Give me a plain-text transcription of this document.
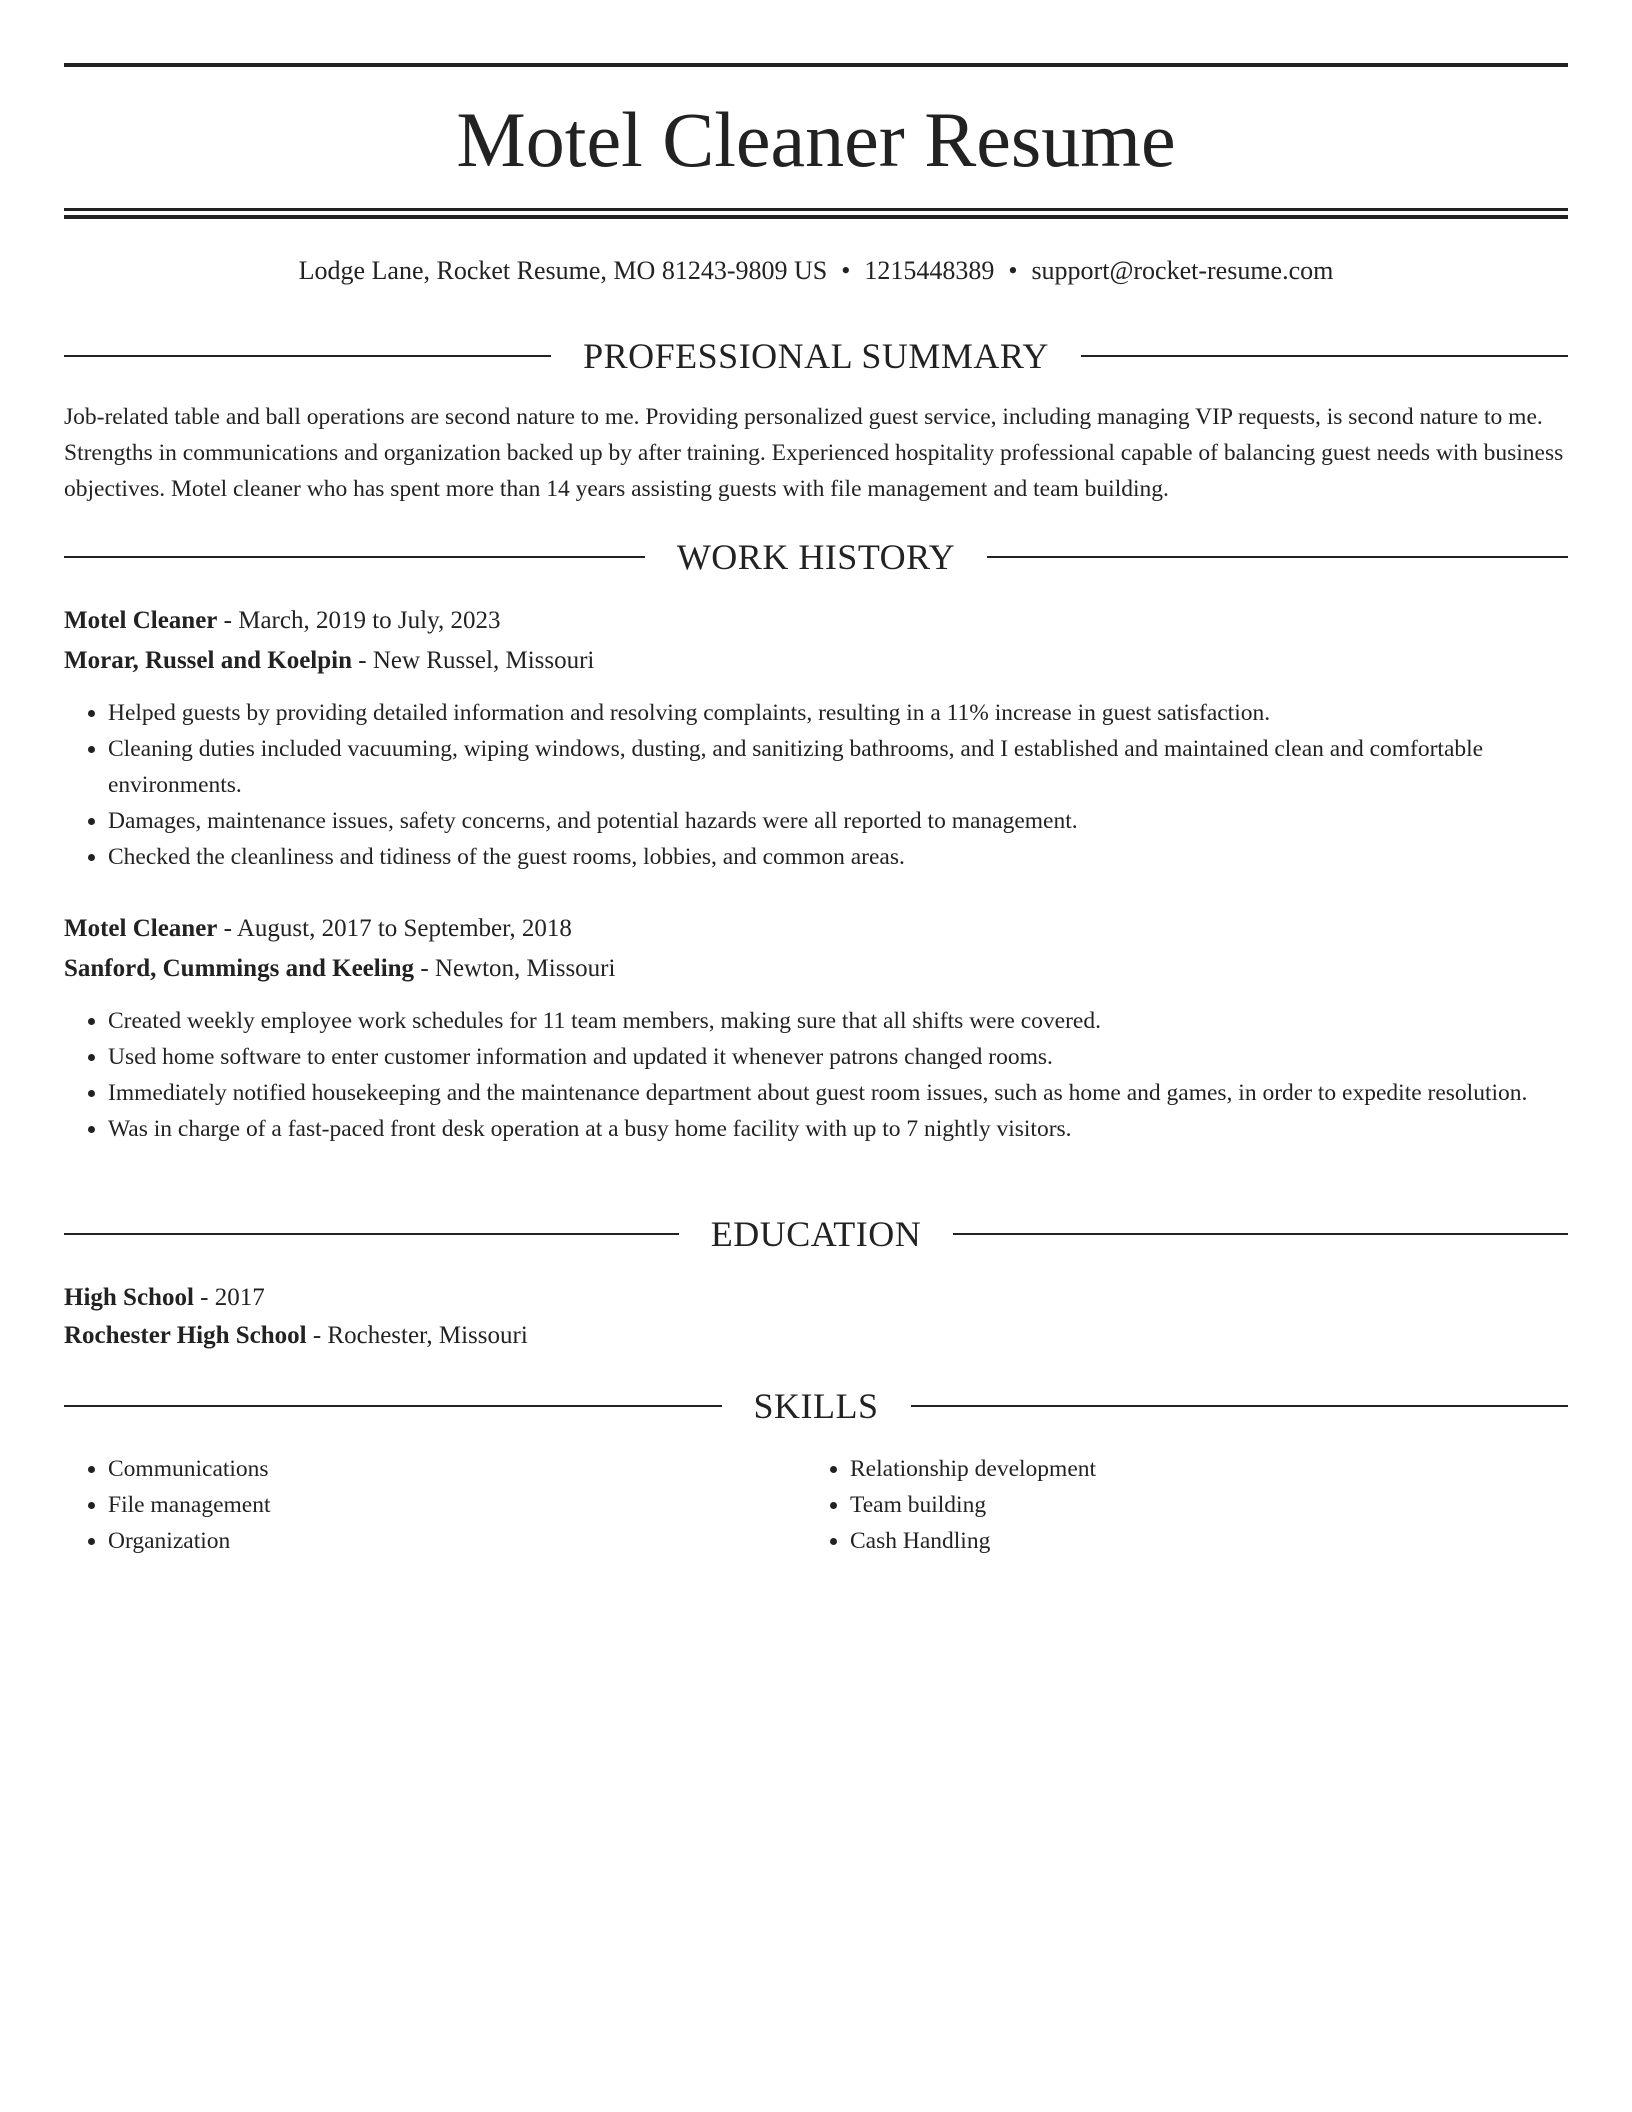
Motel Cleaner Resume
Lodge Lane, Rocket Resume, MO 81243-9809 US • 1215448389 • support@rocket-resume.com
PROFESSIONAL SUMMARY

Job-related table and ball operations are second nature to me. Providing personalized guest service, including managing VIP requests, is second nature to me. Strengths in communications and organization backed up by after training. Experienced hospitality professional capable of balancing guest needs with business objectives. Motel cleaner who has spent more than 14 years assisting guests with file management and team building.

WORK HISTORY
Motel Cleaner - March, 2019 to July, 2023
Morar, Russel and Koelpin - New Russel, Missouri
• Helped guests by providing detailed information and resolving complaints, resulting in a 11% increase in guest satisfaction.
• Cleaning duties included vacuuming, wiping windows, dusting, and sanitizing bathrooms, and I established and maintained clean and comfortable environments.
• Damages, maintenance issues, safety concerns, and potential hazards were all reported to management.
• Checked the cleanliness and tidiness of the guest rooms, lobbies, and common areas.
Motel Cleaner - August, 2017 to September, 2018
Sanford, Cummings and Keeling - Newton, Missouri
• Created weekly employee work schedules for 11 team members, making sure that all shifts were covered.
• Used home software to enter customer information and updated it whenever patrons changed rooms.
• Immediately notified housekeeping and the maintenance department about guest room issues, such as home and games, in order to expedite resolution.
• Was in charge of a fast-paced front desk operation at a busy home facility with up to 7 nightly visitors.
EDUCATION
High School - 2017
Rochester High School - Rochester, Missouri
SKILLS
• Communications
• File management
• Organization
• Relationship development
• Team building
• Cash Handling
